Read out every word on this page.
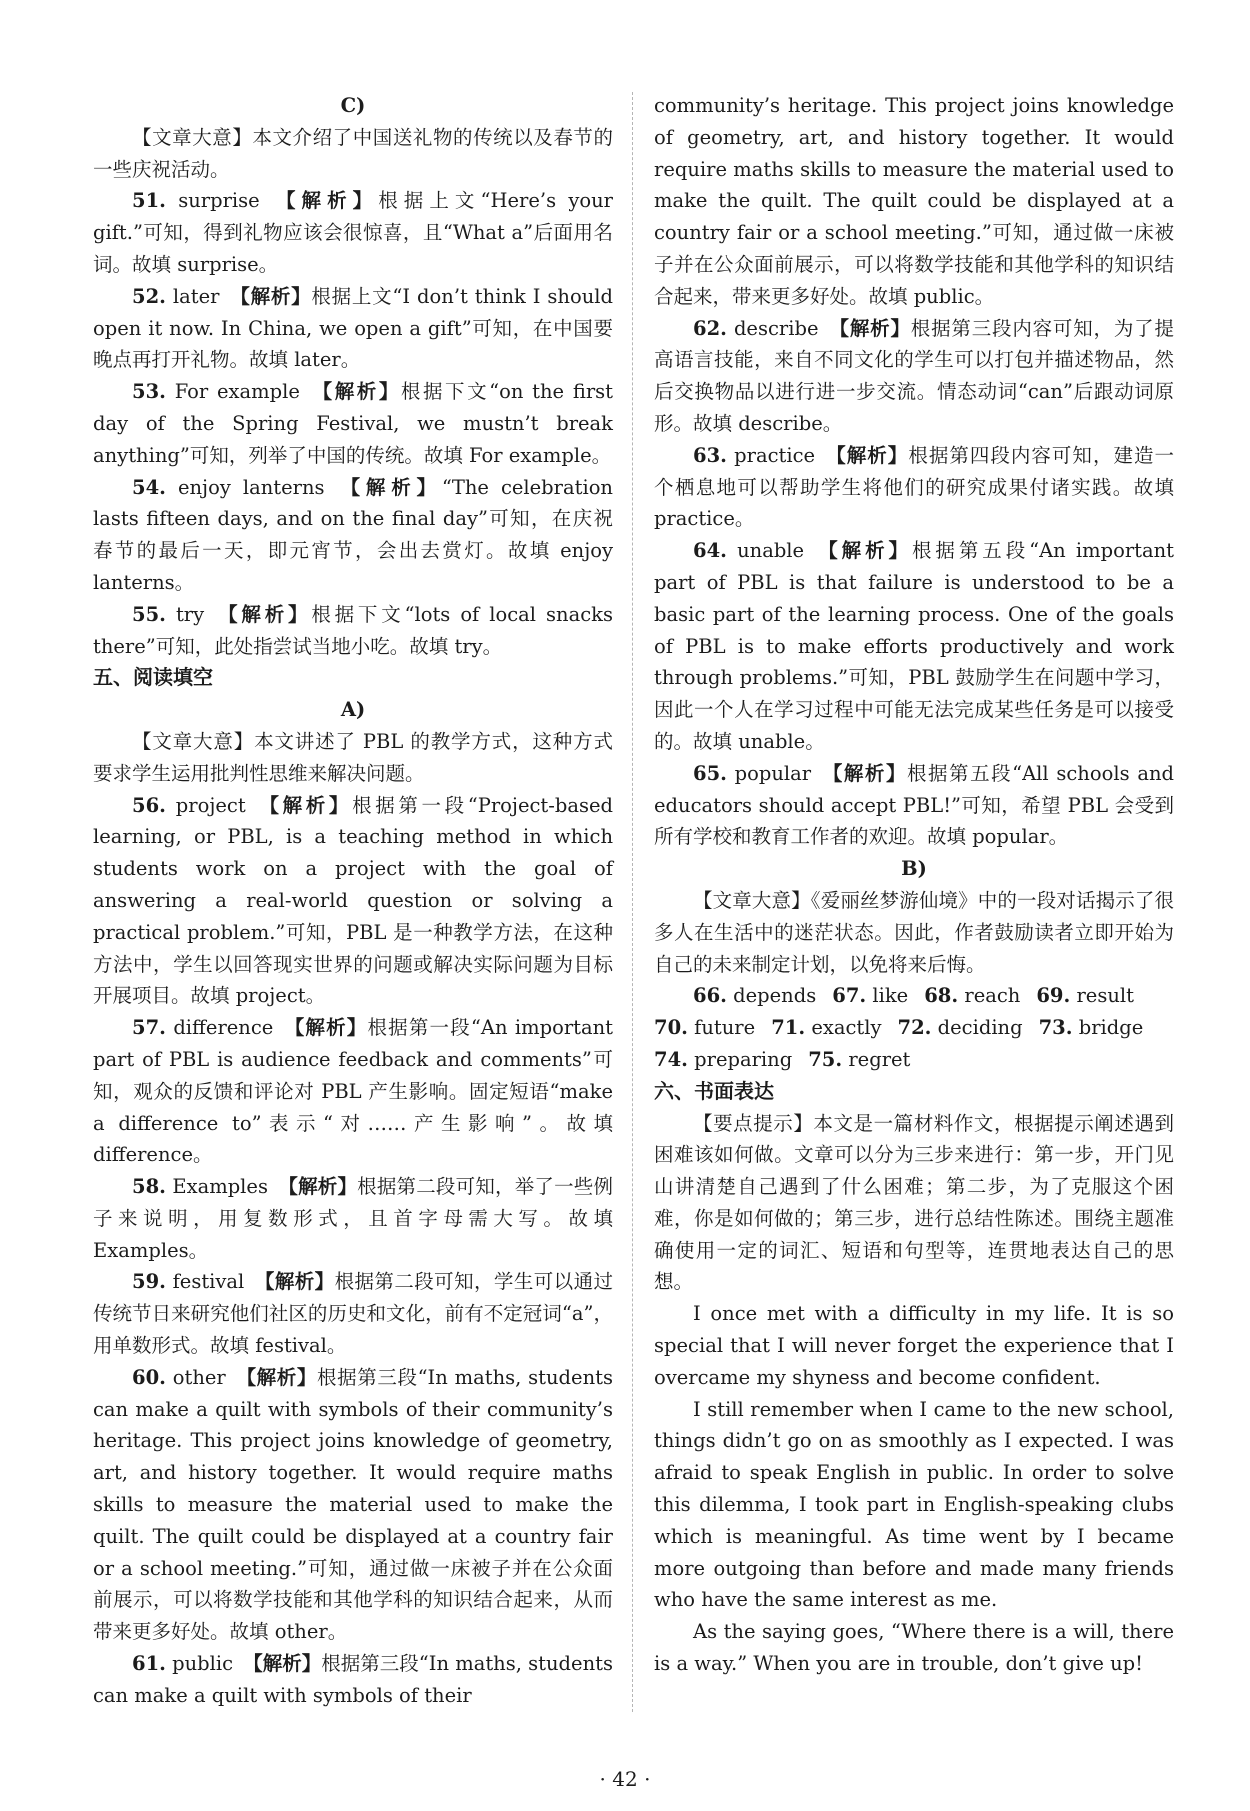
C)

【文章大意】本文介绍了中国送礼物的传统以及春节的一些庆祝活动。

51. surprise 【解析】根据上文“Here’s your gift.”可知，得到礼物应该会很惊喜，且“What a”后面用名词。故填 surprise。

52. later 【解析】根据上文“I don’t think I should open it now. In China, we open a gift”可知，在中国要晚点再打开礼物。故填 later。

53. For example 【解析】根据下文“on the first day of the Spring Festival, we mustn’t break anything”可知，列举了中国的传统。故填 For example。

54. enjoy lanterns 【解析】“The celebration lasts fifteen days, and on the final day”可知，在庆祝春节的最后一天，即元宵节，会出去赏灯。故填 enjoy lanterns。

55. try 【解析】根据下文“lots of local snacks there”可知，此处指尝试当地小吃。故填 try。

五、阅读填空
A)

【文章大意】本文讲述了 PBL 的教学方式，这种方式要求学生运用批判性思维来解决问题。

56. project 【解析】根据第一段“Project-based learning, or PBL, is a teaching method in which students work on a project with the goal of answering a real-world question or solving a practical problem.”可知，PBL 是一种教学方法，在这种方法中，学生以回答现实世界的问题或解决实际问题为目标开展项目。故填 project。

57. difference 【解析】根据第一段“An important part of PBL is audience feedback and comments”可知，观众的反馈和评论对 PBL 产生影响。固定短语“make a difference to”表示“对……产生影响”。故填 difference。

58. Examples 【解析】根据第二段可知，举了一些例子来说明，用复数形式，且首字母需大写。故填 Examples。

59. festival 【解析】根据第二段可知，学生可以通过传统节日来研究他们社区的历史和文化，前有不定冠词“a”，用单数形式。故填 festival。

60. other 【解析】根据第三段“In maths, students can make a quilt with symbols of their community’s heritage. This project joins knowledge of geometry, art, and history together. It would require maths skills to measure the material used to make the quilt. The quilt could be displayed at a country fair or a school meeting.”可知，通过做一床被子并在公众面前展示，可以将数学技能和其他学科的知识结合起来，从而带来更多好处。故填 other。

61. public 【解析】根据第三段“In maths, students can make a quilt with symbols of their

community’s heritage. This project joins knowledge of geometry, art, and history together. It would require maths skills to measure the material used to make the quilt. The quilt could be displayed at a country fair or a school meeting.”可知，通过做一床被子并在公众面前展示，可以将数学技能和其他学科的知识结合起来，带来更多好处。故填 public。

62. describe 【解析】根据第三段内容可知，为了提高语言技能，来自不同文化的学生可以打包并描述物品，然后交换物品以进行进一步交流。情态动词“can”后跟动词原形。故填 describe。

63. practice 【解析】根据第四段内容可知，建造一个栖息地可以帮助学生将他们的研究成果付诸实践。故填 practice。

64. unable 【解析】根据第五段“An important part of PBL is that failure is understood to be a basic part of the learning process. One of the goals of PBL is to make efforts productively and work through problems.”可知，PBL 鼓励学生在问题中学习，因此一个人在学习过程中可能无法完成某些任务是可以接受的。故填 unable。

65. popular 【解析】根据第五段“All schools and educators should accept PBL!”可知，希望 PBL 会受到所有学校和教育工作者的欢迎。故填 popular。

B)

【文章大意】《爱丽丝梦游仙境》中的一段对话揭示了很多人在生活中的迷茫状态。因此，作者鼓励读者立即开始为自己的未来制定计划，以免将来后悔。

66. depends 67. like 68. reach 69. result

70. future 71. exactly 72. deciding 73. bridge

74. preparing 75. regret

六、书面表达

【要点提示】本文是一篇材料作文，根据提示阐述遇到困难该如何做。文章可以分为三步来进行：第一步，开门见山讲清楚自己遇到了什么困难；第二步，为了克服这个困难，你是如何做的；第三步，进行总结性陈述。围绕主题准确使用一定的词汇、短语和句型等，连贯地表达自己的思想。

I once met with a difficulty in my life. It is so special that I will never forget the experience that I overcame my shyness and become confident.

I still remember when I came to the new school, things didn’t go on as smoothly as I expected. I was afraid to speak English in public. In order to solve this dilemma, I took part in English-speaking clubs which is meaningful. As time went by I became more outgoing than before and made many friends who have the same interest as me.

As the saying goes, “Where there is a will, there is a way.” When you are in trouble, don’t give up!

· 42 ·
